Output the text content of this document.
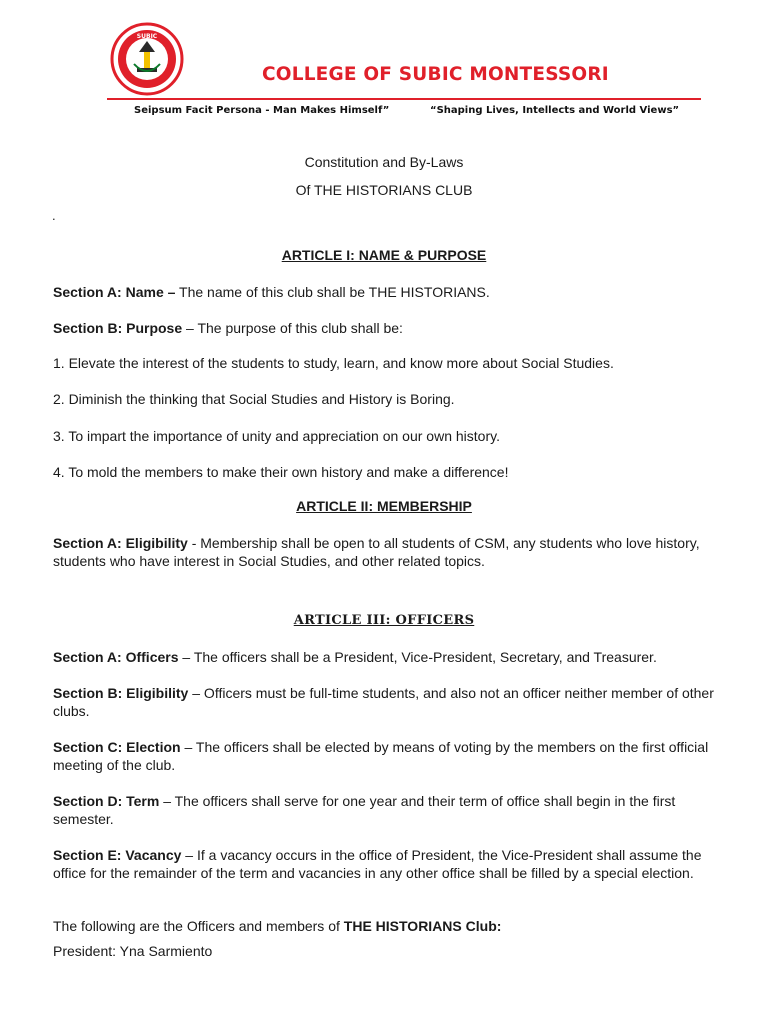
SUBIC
COLLEGE OF SUBIC MONTESSORI
Seipsum Facit Persona - Man Makes Himself”	“Shaping Lives, Intellects and World Views”
Constitution and By-Laws
Of THE HISTORIANS CLUB
.
ARTICLE I: NAME & PURPOSE
Section A: Name – The name of this club shall be THE HISTORIANS.
Section B: Purpose – The purpose of this club shall be:
1. Elevate the interest of the students to study, learn, and know more about Social Studies.
2. Diminish the thinking that Social Studies and History is Boring.
3. To impart the importance of unity and appreciation on our own history.
4. To mold the members to make their own history and make a difference!
ARTICLE II: MEMBERSHIP
Section A: Eligibility - Membership shall be open to all students of CSM, any students who love history, students who have interest in Social Studies, and other related topics.
ARTICLE III: OFFICERS
Section A: Officers – The officers shall be a President, Vice-President, Secretary, and Treasurer.
Section B: Eligibility – Officers must be full-time students, and also not an officer neither member of other clubs.
Section C: Election – The officers shall be elected by means of voting by the members on the first official meeting of the club.
Section D: Term – The officers shall serve for one year and their term of office shall begin in the first semester.
Section E: Vacancy – If a vacancy occurs in the office of President, the Vice-President shall assume the office for the remainder of the term and vacancies in any other office shall be filled by a special election.
The following are the Officers and members of THE HISTORIANS Club:
President: Yna Sarmiento
